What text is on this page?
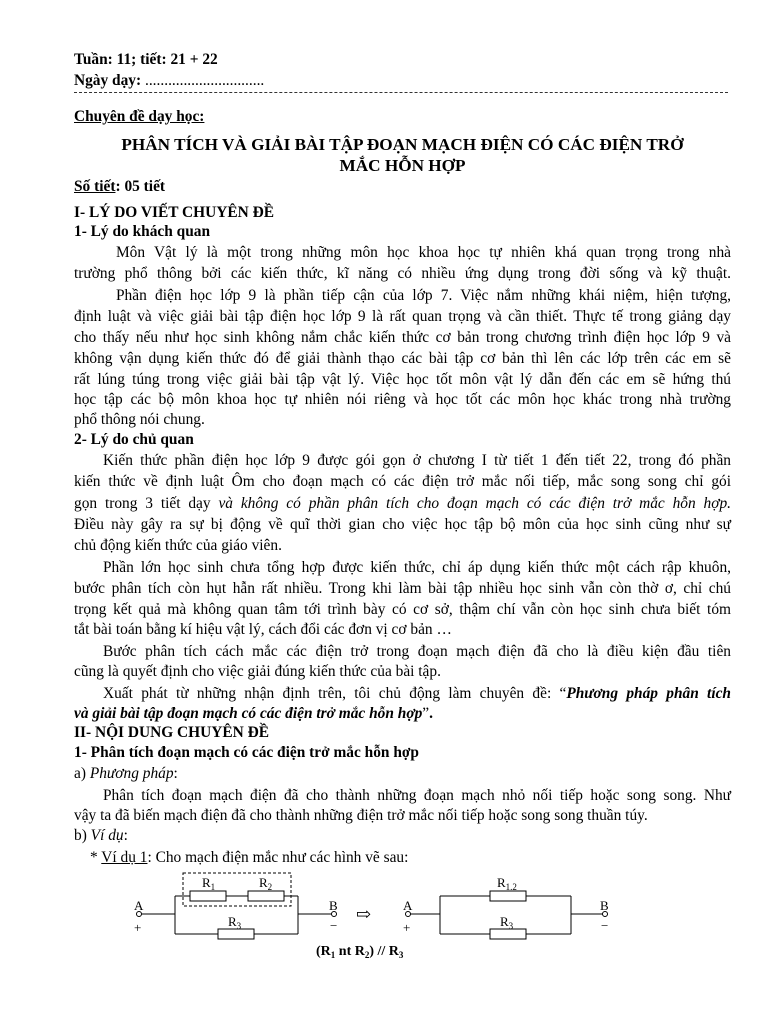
Tuần: 11; tiết: 21 + 22
Ngày dạy: ...............................
Chuyên đề dạy học:
PHÂN TÍCH VÀ GIẢI BÀI TẬP ĐOẠN MẠCH ĐIỆN CÓ CÁC ĐIỆN TRỞ
MẮC HỖN HỢP
Số tiết: 05 tiết
I- LÝ DO VIẾT CHUYÊN ĐỀ
1- Lý do khách quan
Môn Vật lý là một trong những môn học khoa học tự nhiên khá quan trọng trong nhà
trường phổ thông bởi các kiến thức, kĩ năng có nhiều ứng dụng trong đời sống và kỹ thuật.
Phần điện học lớp 9 là phần tiếp cận của lớp 7. Việc nắm những khái niệm, hiện tượng,
định luật và việc giải bài tập điện học lớp 9 là rất quan trọng và cần thiết. Thực tế trong giảng dạy
cho thấy nếu như học sinh không nắm chắc kiến thức cơ bản trong chương trình điện học lớp 9 và
không vận dụng kiến thức đó để giải thành thạo các bài tập cơ bản thì lên các lớp trên các em sẽ
rất lúng túng trong việc giải bài tập vật lý. Việc học tốt môn vật lý dẫn đến các em sẽ hứng thú
học tập các bộ môn khoa học tự nhiên nói riêng và học tốt các môn học khác trong nhà trường
phổ thông nói chung.
2- Lý do chủ quan
Kiến thức phần điện học lớp 9 được gói gọn ở chương I từ tiết 1 đến tiết 22, trong đó phần
kiến thức về định luật Ôm cho đoạn mạch có các điện trở mắc nối tiếp, mắc song song chỉ gói
gọn trong 3 tiết dạy và không có phần phân tích cho đoạn mạch có các điện trở mắc hỗn hợp.
Điều này gây ra sự bị động về quĩ thời gian cho việc học tập bộ môn của học sinh cũng như sự
chủ động kiến thức của giáo viên.
Phần lớn học sinh chưa tổng hợp được kiến thức, chỉ áp dụng kiến thức một cách rập khuôn,
bước phân tích còn hụt hẫn rất nhiều. Trong khi làm bài tập nhiều học sinh vẫn còn thờ ơ, chỉ chú
trọng kết quả mà không quan tâm tới trình bày có cơ sở, thậm chí vẫn còn học sinh chưa biết tóm
tắt bài toán bằng kí hiệu vật lý, cách đổi các đơn vị cơ bản …
Bước phân tích cách mắc các điện trở trong đoạn mạch điện đã cho là điều kiện đầu tiên
cũng là quyết định cho việc giải đúng kiến thức của bài tập.
Xuất phát từ những nhận định trên, tôi chủ động làm chuyên đề: “Phương pháp phân tích
và giải bài tập đoạn mạch có các điện trở mắc hỗn hợp”.
II- NỘI DUNG CHUYÊN ĐỀ
1- Phân tích đoạn mạch có các điện trở mắc hỗn hợp
a) Phương pháp:
Phân tích đoạn mạch điện đã cho thành những đoạn mạch nhỏ nối tiếp hoặc song song. Như
vậy ta đã biến mạch điện đã cho thành những điện trở mắc nối tiếp hoặc song song thuần túy.
b) Ví dụ:
* Ví dụ 1: Cho mạch điện mắc như các hình vẽ sau:
$R_1$	$R_2$
$R_3$
A
+
B
−
⇨
$R_{1.2}$
$R_3$
A
+
B
−
($R_1$ nt $R_2) // R_3$
